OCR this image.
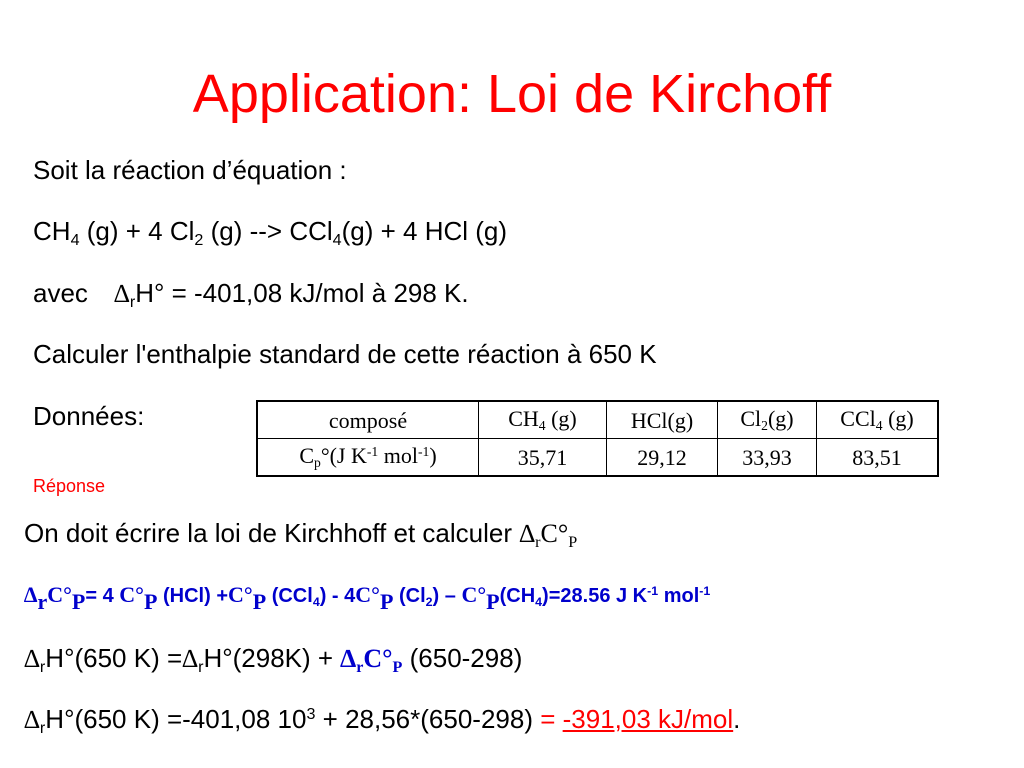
Application: Loi de Kirchoff
Soit la réaction d’équation :
CH4 (g) + 4 Cl2 (g) --> CCl4(g) + 4 HCl (g)
avec ∆rH° = -401,08 kJ/mol à 298 K.
Calculer l'enthalpie standard de cette réaction à 650 K
Données:	composé	CH4 (g)	HCl(g)	Cl2(g)	CCl4 (g)
Cp°(J $K^{-1}$ mol$^{-1}$)	35,71	29,12	33,93	83,51
Réponse
On doit écrire la loi de Kirchhoff et calculer ∆rC°P
∆rC°P= 4 C°P (HCl) +C°P (CCl4) - 4C°P (Cl2) – C°P(CH4)=28.56 J $K^{-1}$ mol$^{-1}$
∆rH°(650 K) =∆rH°(298K) + ∆rC°P (650-298)
∆rH°(650 K) =-401,08 $10^3 + 28,56*(650-298) = -391,03$ kJ/mol.
